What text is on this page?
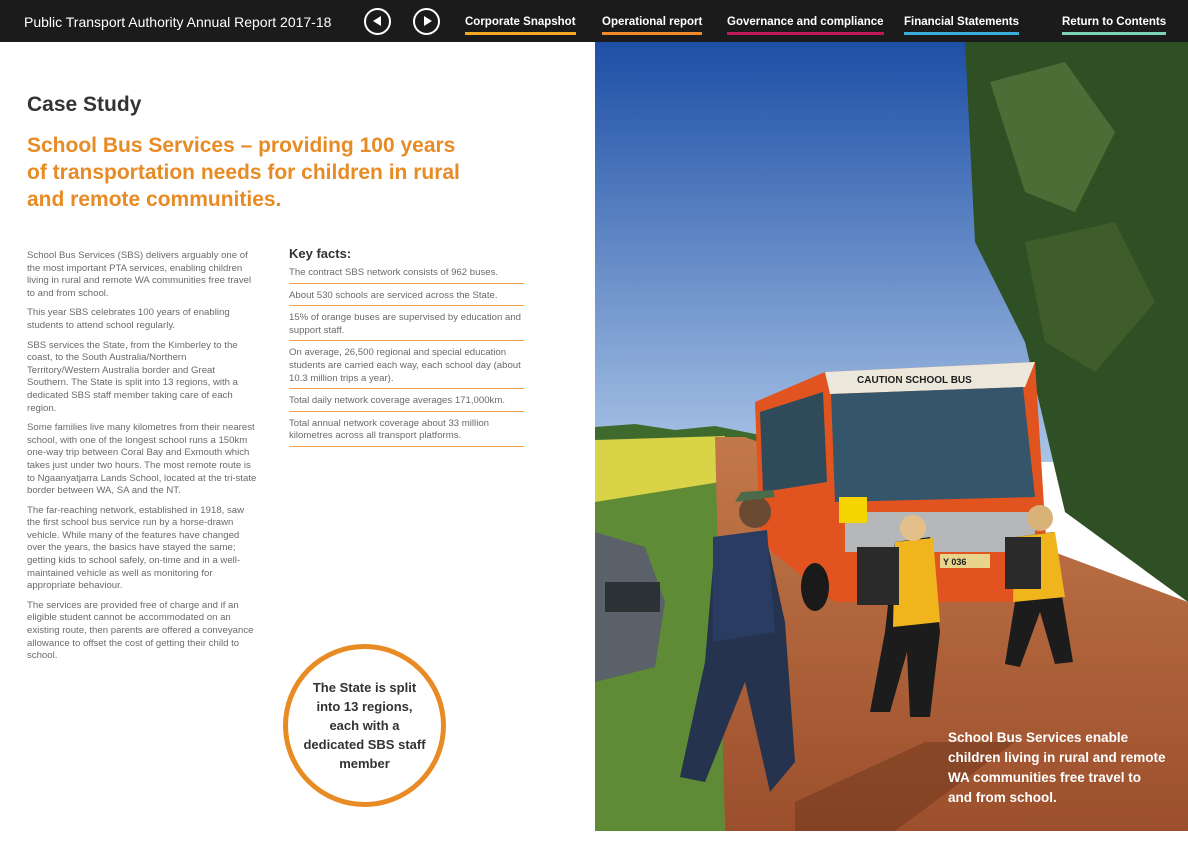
Public Transport Authority Annual Report 2017-18	Corporate Snapshot Operational report Governance and compliance Financial Statements	Return to Contents
Case Study
School Bus Services – providing 100 years of transportation needs for children in rural and remote communities.

School Bus Services (SBS) delivers arguably one of the most important PTA services, enabling children living in rural and remote WA communities free travel to and from school.

This year SBS celebrates 100 years of enabling students to attend school regularly.

SBS services the State, from the Kimberley to the coast, to the South Australia/Northern Territory/Western Australia border and Great Southern. The State is split into 13 regions, with a dedicated SBS staff member taking care of each region.

Some families live many kilometres from their nearest school, with one of the longest school runs a 150km one-way trip between Coral Bay and Exmouth which takes just under two hours. The most remote route is to Ngaanyatjarra Lands School, located at the tri-state border between WA, SA and the NT.

The far-reaching network, established in 1918, saw the first school bus service run by a horse-drawn vehicle. While many of the features have changed over the years, the basics have stayed the same; getting kids to school safely, on-time and in a well-maintained vehicle as well as monitoring for appropriate behaviour.

The services are provided free of charge and if an eligible student cannot be accommodated on an existing route, then parents are offered a conveyance allowance to offset the cost of getting their child to school.

Key facts:
The contract SBS network consists of 962 buses.
About 530 schools are serviced across the State.
15% of orange buses are supervised by education and support staff.
On average, 26,500 regional and special education students are carried each way, each school day (about 10.3 million trips a year).
Total daily network coverage averages 171,000km.
Total annual network coverage about 33 million kilometres across all transport platforms.
The State is split into 13 regions, each with a dedicated SBS staff member
CAUTION SCHOOL BUS
Y 036
School Bus Services enable children living in rural and remote WA communities free travel to and from school.
